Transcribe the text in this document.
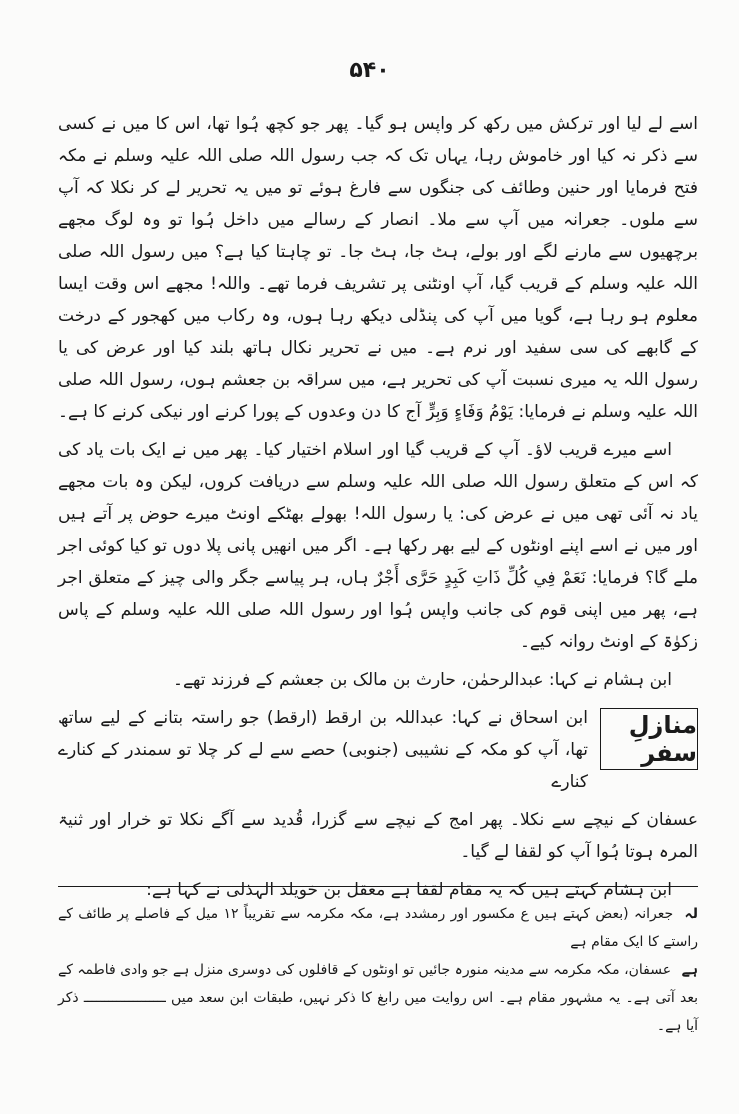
۵۴۰

اسے لے لیا اور ترکش میں رکھ کر واپس ہو گیا۔ پھر جو کچھ ہُوا تھا، اس کا میں نے کسی سے ذکر نہ کیا اور خاموش رہا، یہاں تک کہ جب رسول اللہ صلی اللہ علیہ وسلم نے مکہ فتح فرمایا اور حنین وطائف کی جنگوں سے فارغ ہوئے تو میں یہ تحریر لے کر نکلا کہ آپ سے ملوں۔ جعرانہ میں آپ سے ملا۔ انصار کے رسالے میں داخل ہُوا تو وہ لوگ مجھے برچھیوں سے مارنے لگے اور بولے، ہٹ جا، ہٹ جا۔ تو چاہتا کیا ہے؟ میں رسول اللہ صلی اللہ علیہ وسلم کے قریب گیا، آپ اونٹنی پر تشریف فرما تھے۔ واللہ! مجھے اس وقت ایسا معلوم ہو رہا ہے، گویا میں آپ کی پنڈلی دیکھ رہا ہوں، وہ رکاب میں کھجور کے درخت کے گابھے کی سی سفید اور نرم ہے۔ میں نے تحریر نکال ہاتھ بلند کیا اور عرض کی یا رسول اللہ یہ میری نسبت آپ کی تحریر ہے، میں سراقہ بن جعشم ہوں، رسول اللہ صلی اللہ علیہ وسلم نے فرمایا: یَوْمُ وَفَاءٍ وَبِرٍّ آج کا دن وعدوں کے پورا کرنے اور نیکی کرنے کا ہے۔

اسے میرے قریب لاؤ۔ آپ کے قریب گیا اور اسلام اختیار کیا۔ پھر میں نے ایک بات یاد کی کہ اس کے متعلق رسول اللہ صلی اللہ علیہ وسلم سے دریافت کروں، لیکن وہ بات مجھے یاد نہ آئی تھی میں نے عرض کی: یا رسول اللہ! بھولے بھٹکے اونٹ میرے حوض پر آتے ہیں اور میں نے اسے اپنے اونٹوں کے لیے بھر رکھا ہے۔ اگر میں انھیں پانی پلا دوں تو کیا کوئی اجر ملے گا؟ فرمایا: نَعَمْ فِي كُلِّ ذَاتِ كَبِدٍ حَرَّى أَجْرٌ ہاں، ہر پیاسے جگر والی چیز کے متعلق اجر ہے، پھر میں اپنی قوم کی جانب واپس ہُوا اور رسول اللہ صلی اللہ علیہ وسلم کے پاس زکوٰۃ کے اونٹ روانہ کیے۔

ابن ہشام نے کہا: عبدالرحمٰن، حارث بن مالک بن جعشم کے فرزند تھے۔

منازلِ سفر

ابن اسحاق نے کہا: عبداللہ بن ارقط (ارقط) جو راستہ بتانے کے لیے ساتھ تھا، آپ کو مکہ کے نشیبی (جنوبی) حصے سے لے کر چلا تو سمندر کے کنارے کنارے

عسفان کے نیچے سے نکلا۔ پھر امج کے نیچے سے گزرا، قُدید سے آگے نکلا تو خرار اور ثنیۃ المرہ ہوتا ہُوا آپ کو لقفا لے گیا۔

ابن ہشام کہتے ہیں کہ یہ مقام لقفا ہے معقل بن خویلد الہذلی نے کہا ہے:

لہ جعرانہ (بعض کہتے ہیں ع مکسور اور رمشدد ہے، مکہ مکرمہ سے تقریباً ۱۲ میل کے فاصلے پر طائف کے راستے کا ایک مقام ہے

ہے عسفان، مکہ مکرمہ سے مدینہ منورہ جائیں تو اونٹوں کے قافلوں کی دوسری منزل ہے جو وادی فاطمہ کے بعد آتی ہے۔ یہ مشہور مقام ہے۔ اس روایت میں رابغ کا ذکر نہیں، طبقات ابن سعد میں ــــــــــــــــــــ ذکر آیا ہے۔
